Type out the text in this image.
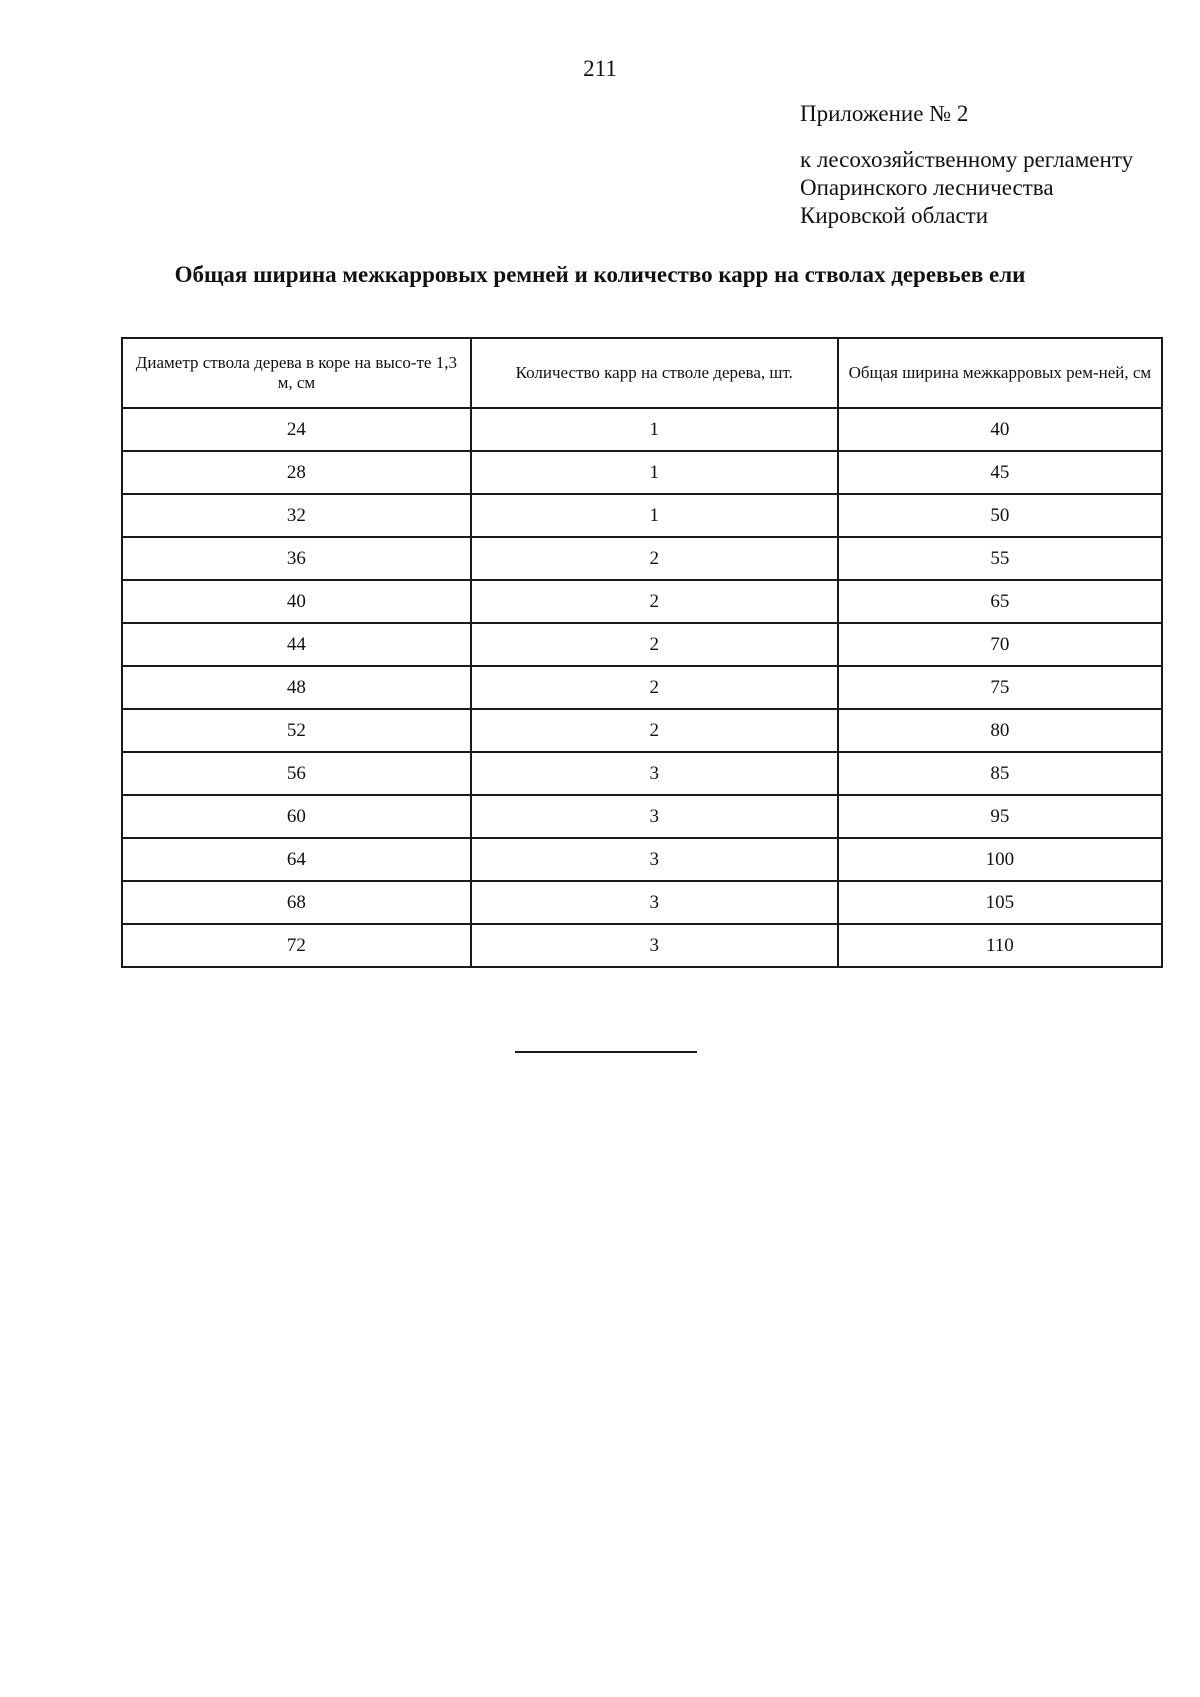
211
Приложение № 2
к лесохозяйственному регламенту
Опаринского лесничества
Кировской области
Общая ширина межкарровых ремней и количество карр на стволах деревьев ели
Диаметр ствола дерева в коре на высо-те 1,3 м, см	Количество карр на стволе дерева, шт.	Общая ширина межкарровых рем-ней, см
24	1	40
28	1	45
32	1	50
36	2	55
40	2	65
44	2	70
48	2	75
52	2	80
56	3	85
60	3	95
64	3	100
68	3	105
72	3	110
